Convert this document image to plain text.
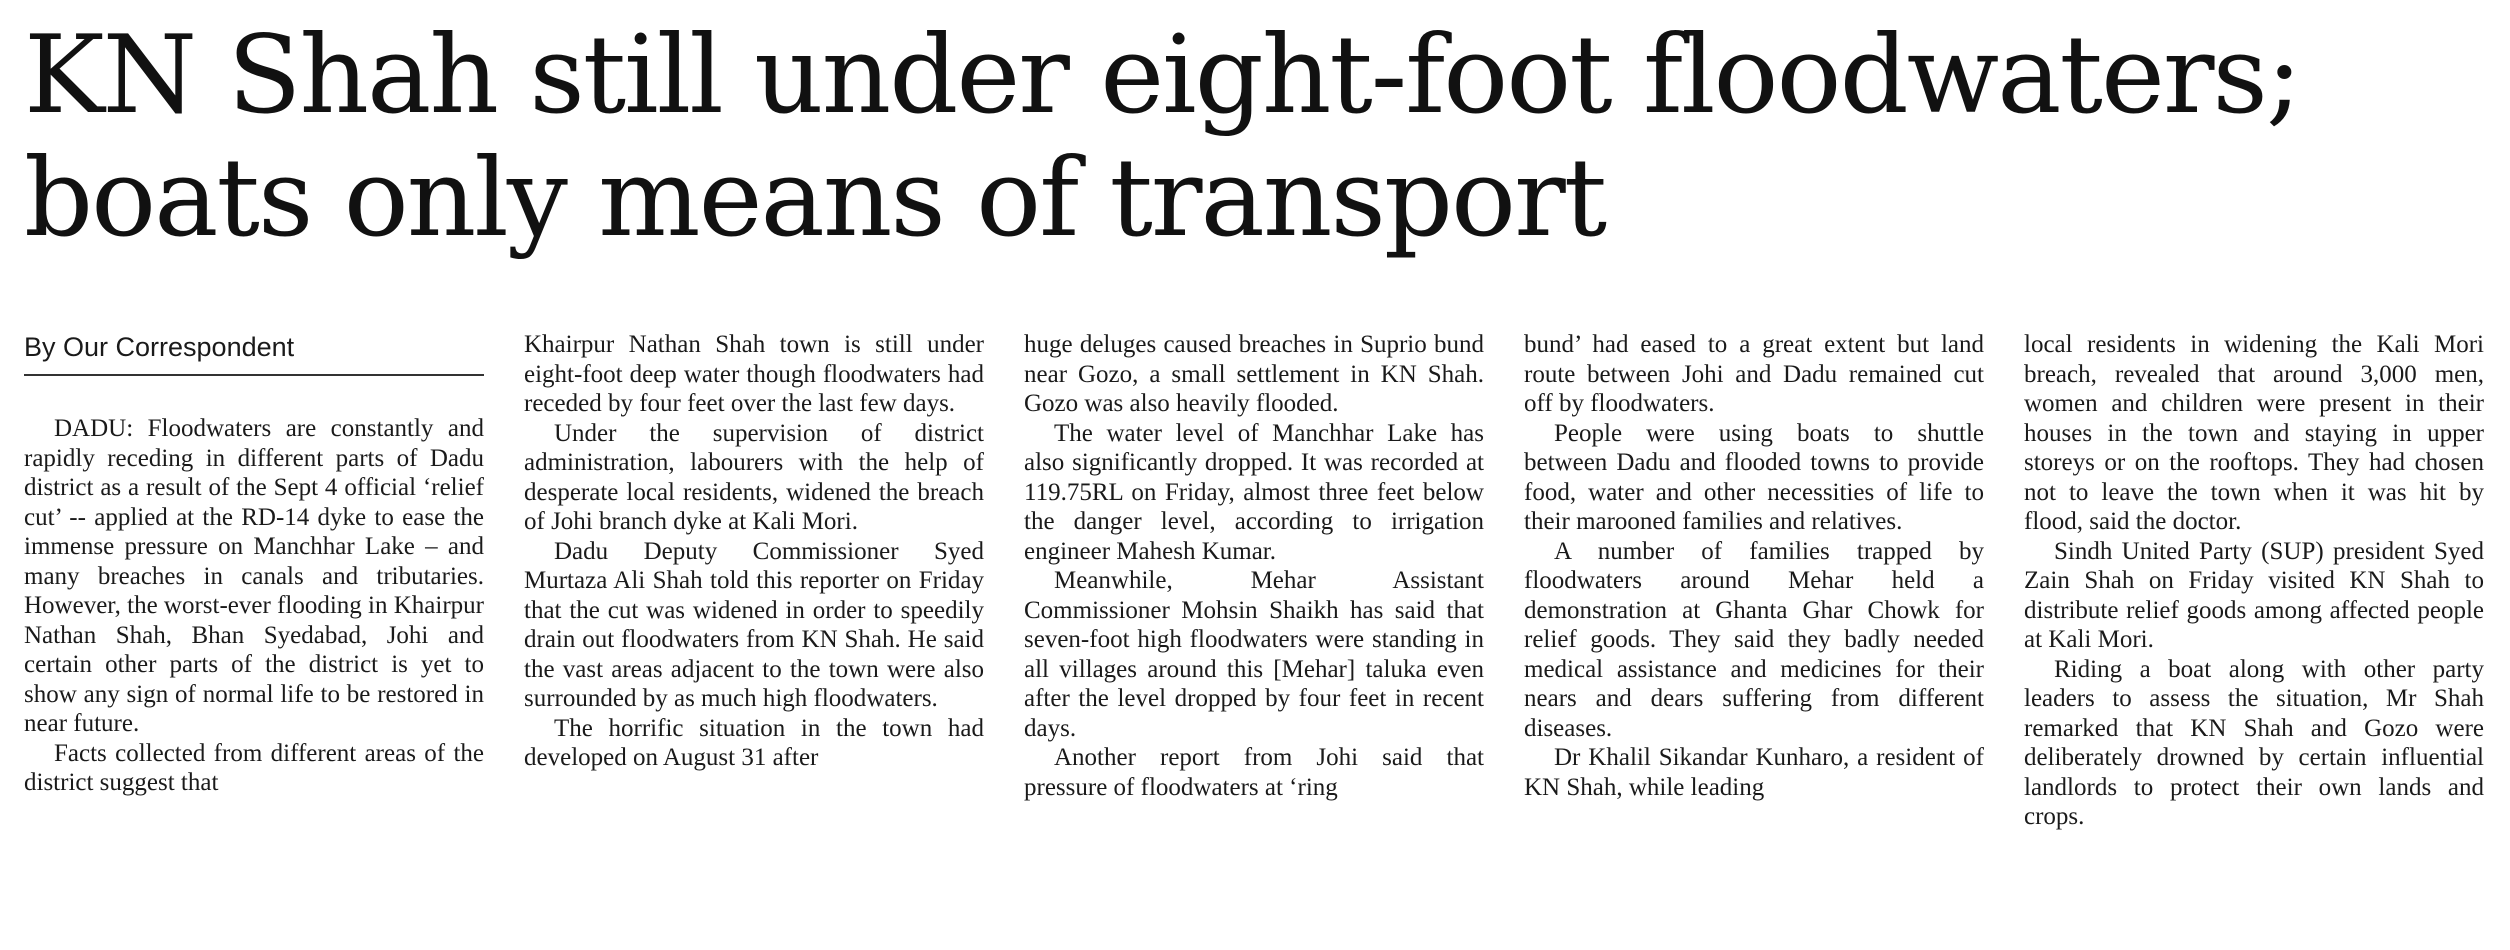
KN Shah still under eight-foot floodwaters;
boats only means of transport
By Our Correspondent

DADU: Floodwaters are constantly and rapidly receding in different parts of Dadu district as a result of the Sept 4 official ‘relief cut’ -- applied at the RD-14 dyke to ease the immense pressure on Manchhar Lake – and many breaches in canals and tributaries. However, the worst-ever flooding in Khairpur Nathan Shah, Bhan Syedabad, Johi and certain other parts of the district is yet to show any sign of normal life to be restored in near future.

Facts collected from different areas of the district suggest that

Khairpur Nathan Shah town is still under eight-foot deep water though floodwaters had receded by four feet over the last few days.

Under the supervision of district administration, labourers with the help of desperate local residents, widened the breach of Johi branch dyke at Kali Mori.

Dadu Deputy Commissioner Syed Murtaza Ali Shah told this reporter on Friday that the cut was widened in order to speedily drain out floodwaters from KN Shah. He said the vast areas adjacent to the town were also surrounded by as much high floodwaters.

The horrific situation in the town had developed on August 31 after

huge deluges caused breaches in Suprio bund near Gozo, a small settlement in KN Shah. Gozo was also heavily flooded.

The water level of Manchhar Lake has also significantly dropped. It was recorded at 119.75RL on Friday, almost three feet below the danger level, according to irrigation engineer Mahesh Kumar.

Meanwhile, Mehar Assistant Commissioner Mohsin Shaikh has said that seven-foot high floodwaters were standing in all villages around this [Mehar] taluka even after the level dropped by four feet in recent days.

Another report from Johi said that pressure of floodwaters at ‘ring

bund’ had eased to a great extent but land route between Johi and Dadu remained cut off by floodwaters.

People were using boats to shuttle between Dadu and flooded towns to provide food, water and other necessities of life to their marooned families and relatives.

A number of families trapped by floodwaters around Mehar held a demonstration at Ghanta Ghar Chowk for relief goods. They said they badly needed medical assistance and medicines for their nears and dears suffering from different diseases.

Dr Khalil Sikandar Kunharo, a resident of KN Shah, while leading

local residents in widening the Kali Mori breach, revealed that around 3,000 men, women and children were present in their houses in the town and staying in upper storeys or on the rooftops. They had chosen not to leave the town when it was hit by flood, said the doctor.

Sindh United Party (SUP) president Syed Zain Shah on Friday visited KN Shah to distribute relief goods among affected people at Kali Mori.

Riding a boat along with other party leaders to assess the situation, Mr Shah remarked that KN Shah and Gozo were deliberately drowned by certain influential landlords to protect their own lands and crops.
